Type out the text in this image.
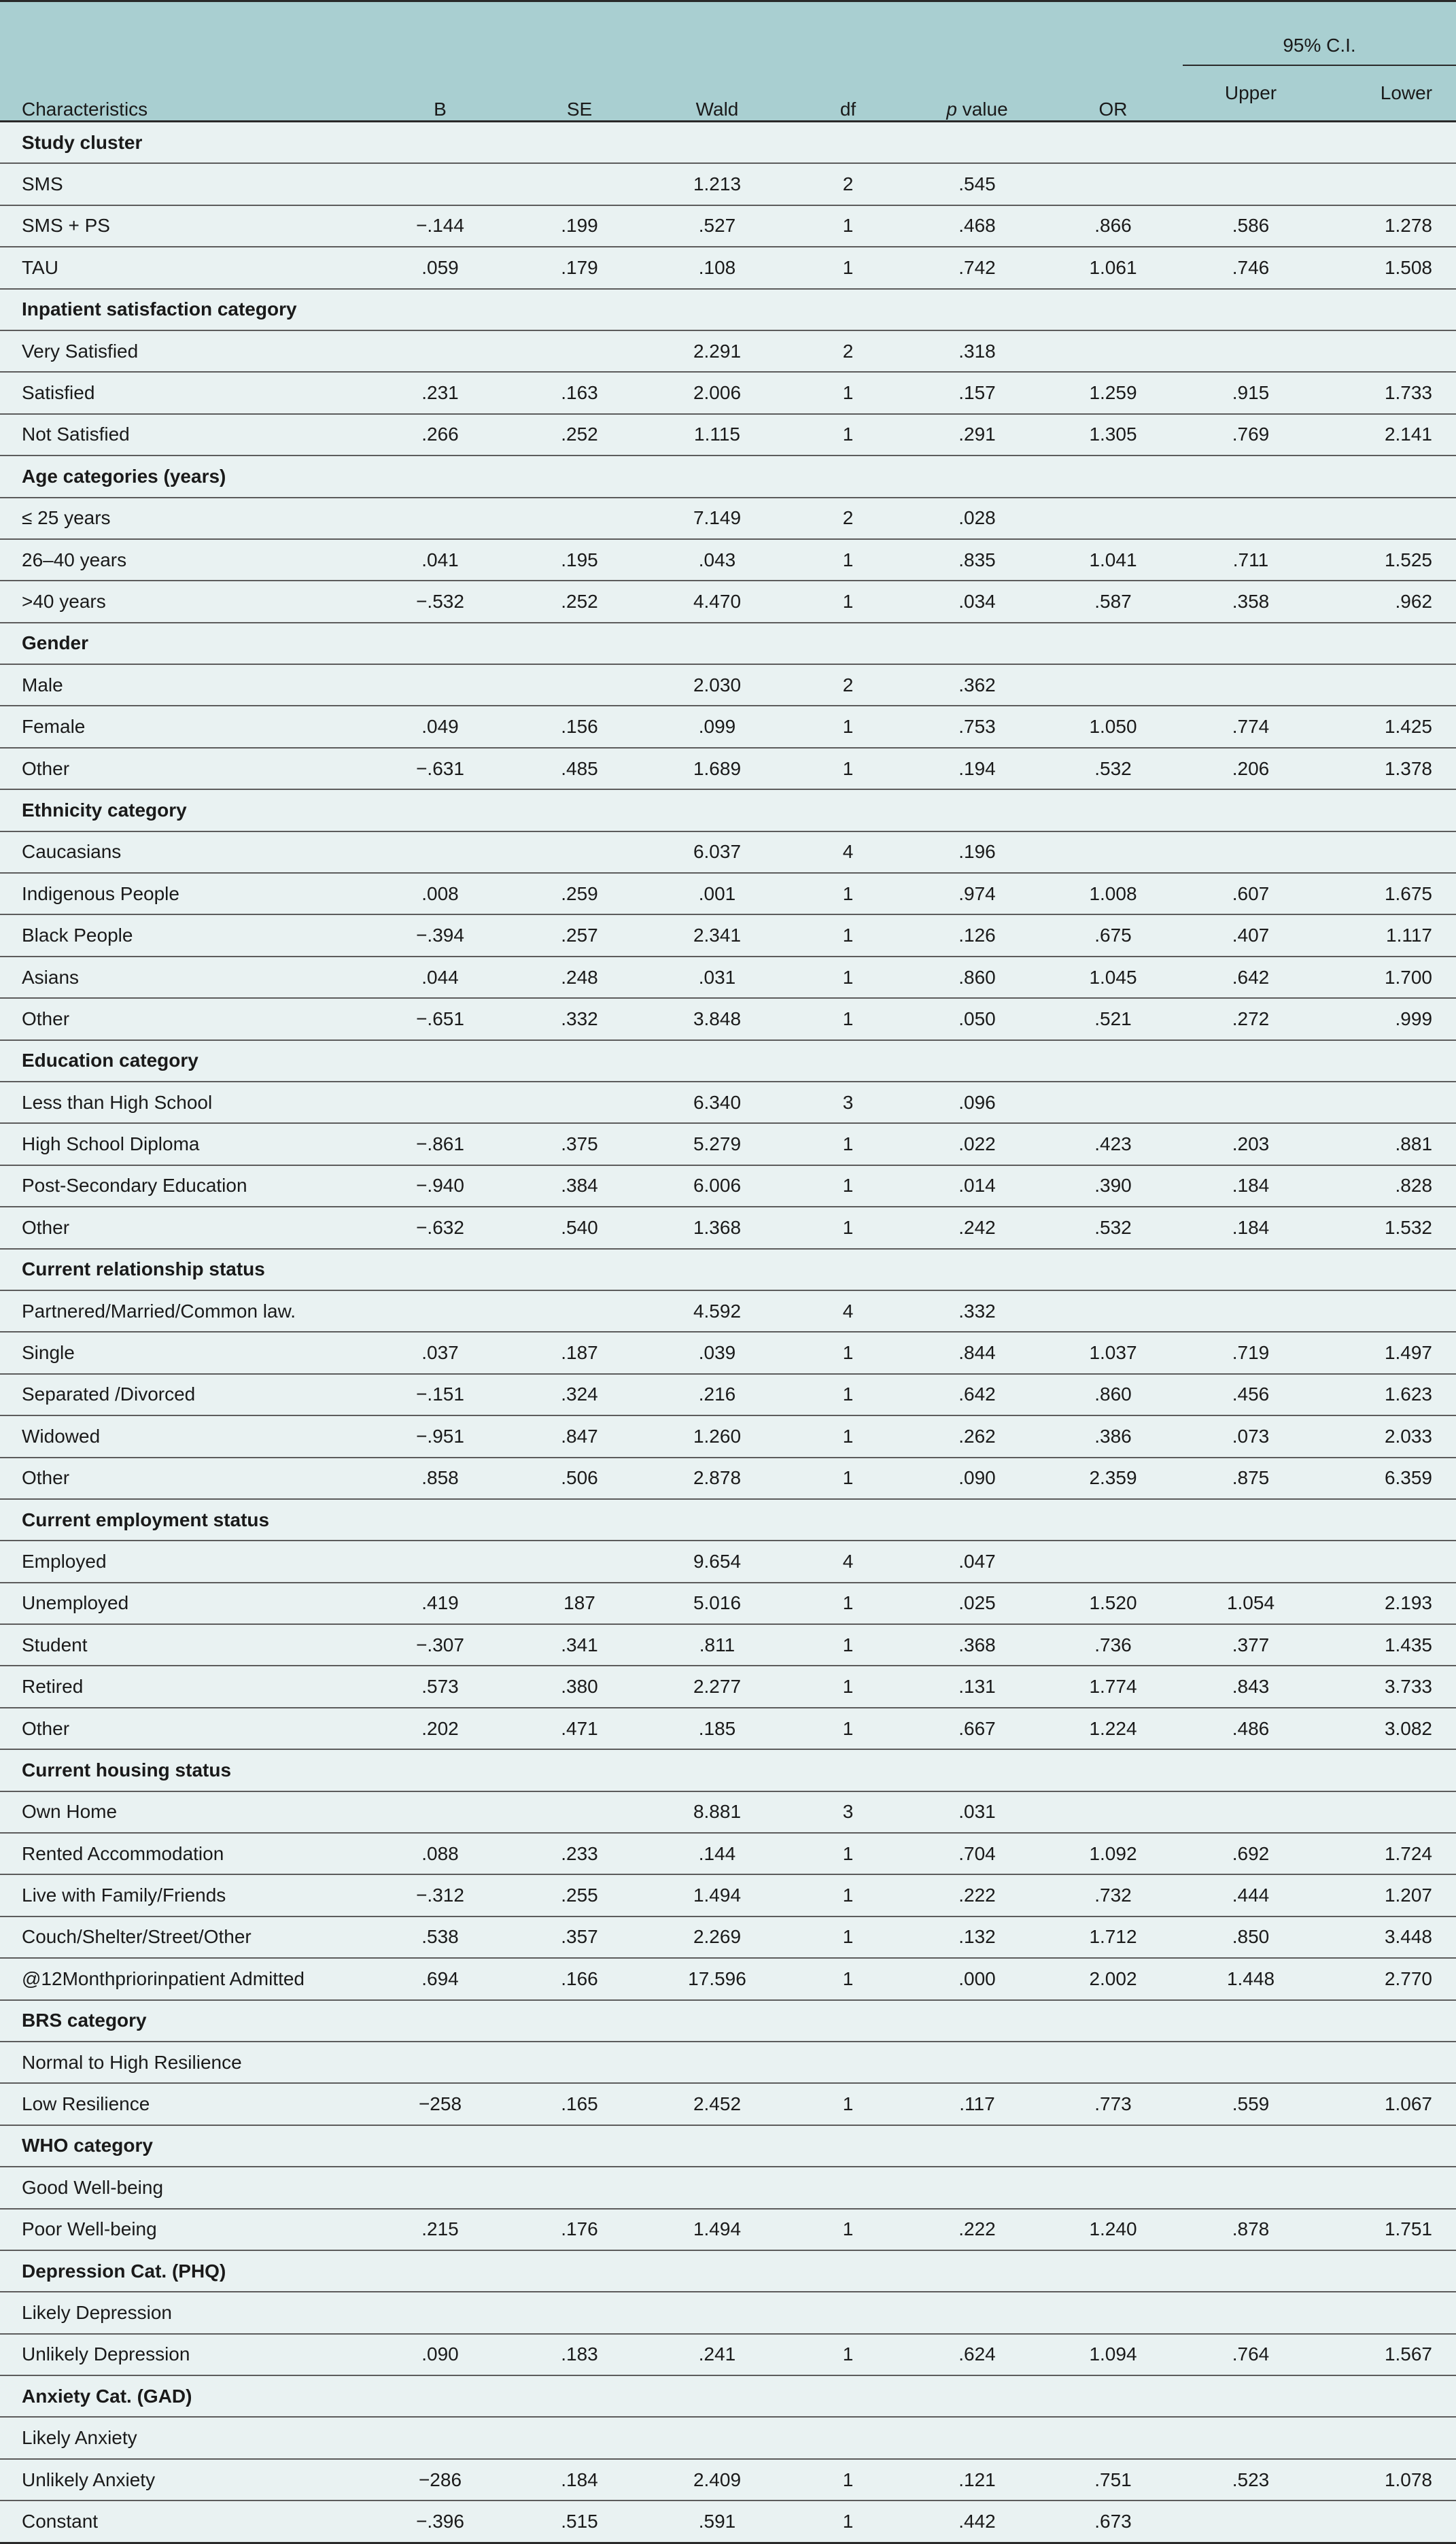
Characteristics	B	SE	Wald	df	p value	OR	95% C.I.	
							Upper	Lower
Study cluster								
SMS			1.213	2	.545			
SMS + PS	−.144	.199	.527	1	.468	.866	.586	1.278
TAU	.059	.179	.108	1	.742	1.061	.746	1.508
Inpatient satisfaction category								
Very Satisfied			2.291	2	.318			
Satisfied	.231	.163	2.006	1	.157	1.259	.915	1.733
Not Satisfied	.266	.252	1.115	1	.291	1.305	.769	2.141
Age categories (years)								
≤ 25 years			7.149	2	.028			
26–40 years	.041	.195	.043	1	.835	1.041	.711	1.525
>40 years	−.532	.252	4.470	1	.034	.587	.358	.962
Gender								
Male			2.030	2	.362			
Female	.049	.156	.099	1	.753	1.050	.774	1.425
Other	−.631	.485	1.689	1	.194	.532	.206	1.378
Ethnicity category								
Caucasians			6.037	4	.196			
Indigenous People	.008	.259	.001	1	.974	1.008	.607	1.675
Black People	−.394	.257	2.341	1	.126	.675	.407	1.117
Asians	.044	.248	.031	1	.860	1.045	.642	1.700
Other	−.651	.332	3.848	1	.050	.521	.272	.999
Education category								
Less than High School			6.340	3	.096			
High School Diploma	−.861	.375	5.279	1	.022	.423	.203	.881
Post-Secondary Education	−.940	.384	6.006	1	.014	.390	.184	.828
Other	−.632	.540	1.368	1	.242	.532	.184	1.532
Current relationship status								
Partnered/Married/Common law.			4.592	4	.332			
Single	.037	.187	.039	1	.844	1.037	.719	1.497
Separated /Divorced	−.151	.324	.216	1	.642	.860	.456	1.623
Widowed	−.951	.847	1.260	1	.262	.386	.073	2.033
Other	.858	.506	2.878	1	.090	2.359	.875	6.359
Current employment status								
Employed			9.654	4	.047			
Unemployed	.419	187	5.016	1	.025	1.520	1.054	2.193
Student	−.307	.341	.811	1	.368	.736	.377	1.435
Retired	.573	.380	2.277	1	.131	1.774	.843	3.733
Other	.202	.471	.185	1	.667	1.224	.486	3.082
Current housing status								
Own Home			8.881	3	.031			
Rented Accommodation	.088	.233	.144	1	.704	1.092	.692	1.724
Live with Family/Friends	−.312	.255	1.494	1	.222	.732	.444	1.207
Couch/Shelter/Street/Other	.538	.357	2.269	1	.132	1.712	.850	3.448
@12Monthpriorinpatient Admitted	.694	.166	17.596	1	.000	2.002	1.448	2.770
BRS category								
Normal to High Resilience								
Low Resilience	−258	.165	2.452	1	.117	.773	.559	1.067
WHO category								
Good Well-being								
Poor Well-being	.215	.176	1.494	1	.222	1.240	.878	1.751
Depression Cat. (PHQ)								
Likely Depression								
Unlikely Depression	.090	.183	.241	1	.624	1.094	.764	1.567
Anxiety Cat. (GAD)								
Likely Anxiety								
Unlikely Anxiety	−286	.184	2.409	1	.121	.751	.523	1.078
Constant	−.396	.515	.591	1	.442	.673		
